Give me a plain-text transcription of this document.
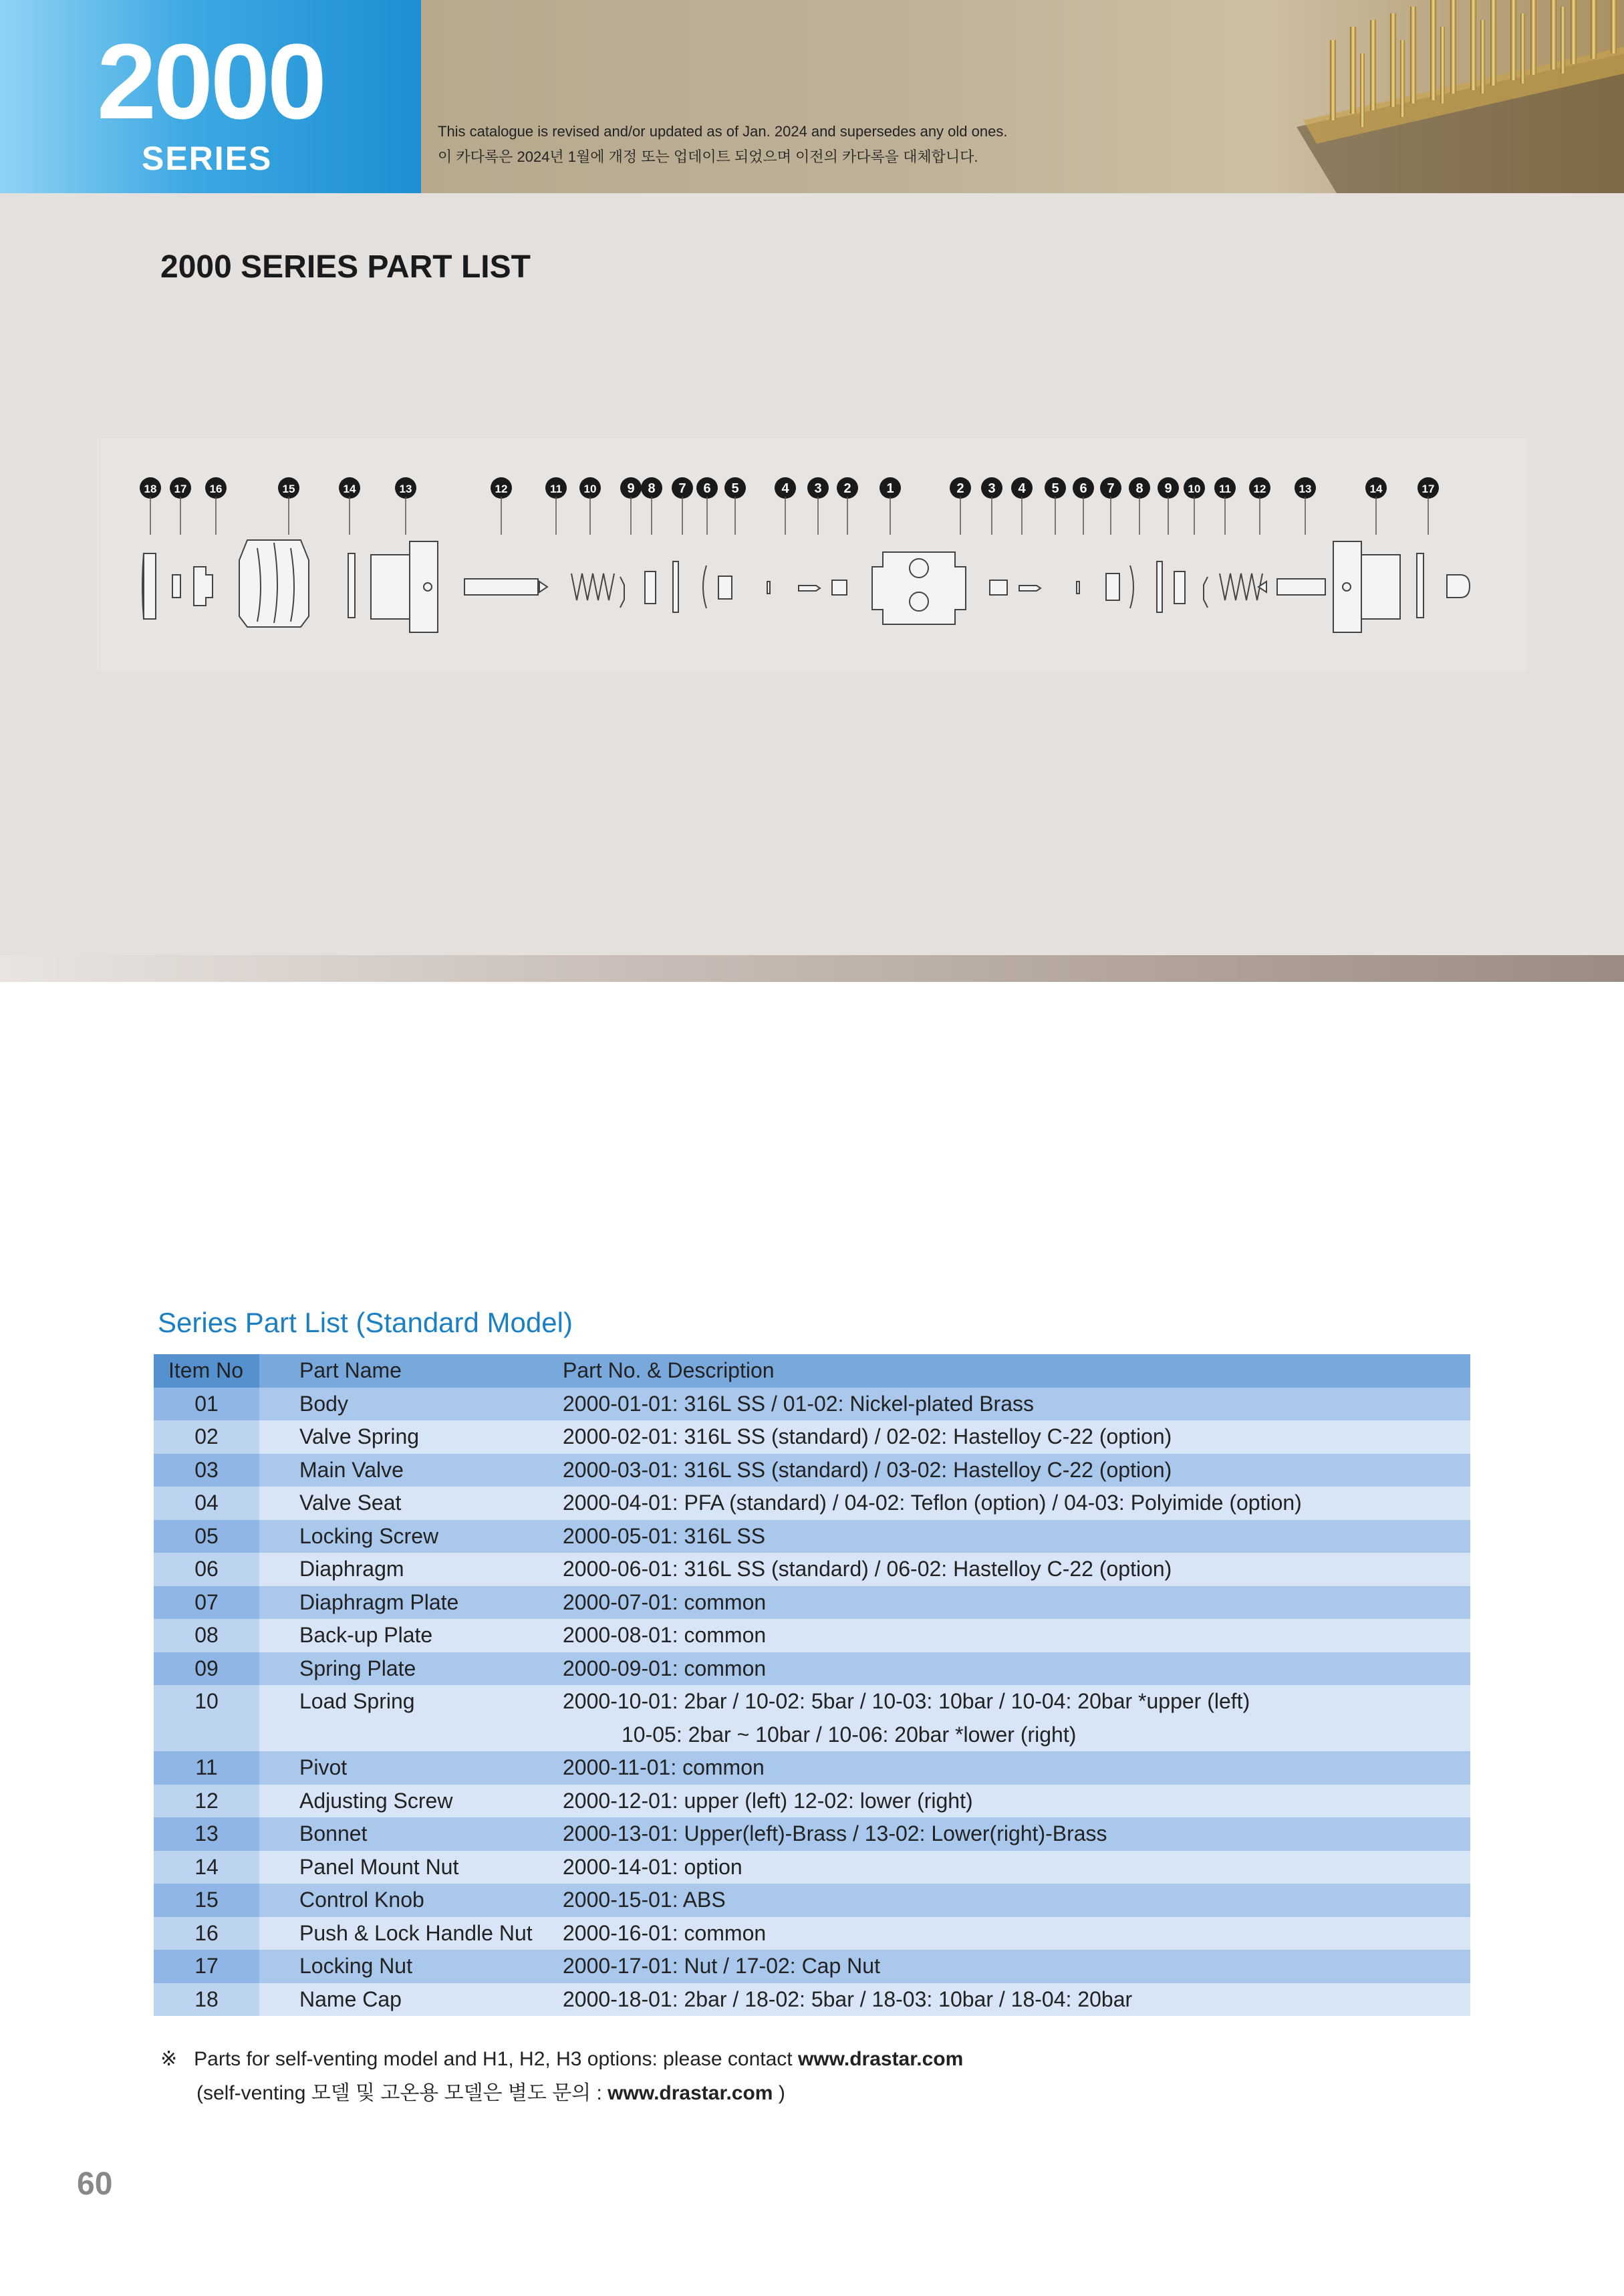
2000
SERIES
This catalogue is revised and/or updated as of Jan. 2024 and supersedes any old ones.
이 카다록은 2024년 1월에 개정 또는 업데이트 되었으며 이전의 카다록을 대체합니다.
2000 SERIES PART LIST
18 17 16	15	14	13	12	11 10 9 8 7 6 5	4 3 2	1	2 3 4 5 6 7 8 9 10 11 12	13	14	17
Series Part List (Standard Model)
Item No	Part Name	Part No. & Description
01	Body	2000-01-01: 316L SS / 01-02: Nickel-plated Brass
02	Valve Spring	2000-02-01: 316L SS (standard) / 02-02: Hastelloy C-22 (option)
03	Main Valve	2000-03-01: 316L SS (standard) / 03-02: Hastelloy C-22 (option)
04	Valve Seat	2000-04-01: PFA (standard) / 04-02: Teflon (option) / 04-03: Polyimide (option)
05	Locking Screw	2000-05-01: 316L SS
06	Diaphragm	2000-06-01: 316L SS (standard) / 06-02: Hastelloy C-22 (option)
07	Diaphragm Plate	2000-07-01: common
08	Back-up Plate	2000-08-01: common
09	Spring Plate	2000-09-01: common
10	Load Spring	2000-10-01: 2bar / 10-02: 5bar / 10-03: 10bar / 10-04: 20bar *upper (left)
		10-05: 2bar ~ 10bar / 10-06: 20bar *lower (right)
11	Pivot	2000-11-01: common
12	Adjusting Screw	2000-12-01: upper (left) 12-02: lower (right)
13	Bonnet	2000-13-01: Upper(left)-Brass / 13-02: Lower(right)-Brass
14	Panel Mount Nut	2000-14-01: option
15	Control Knob	2000-15-01: ABS
16	Push & Lock Handle Nut	2000-16-01: common
17	Locking Nut	2000-17-01: Nut / 17-02: Cap Nut
18	Name Cap	2000-18-01: 2bar / 18-02: 5bar / 18-03: 10bar / 18-04: 20bar
※ Parts for self-venting model and H1, H2, H3 options: please contact www.drastar.com
(self-venting 모델 및 고온용 모델은 별도 문의 : www.drastar.com )
60
